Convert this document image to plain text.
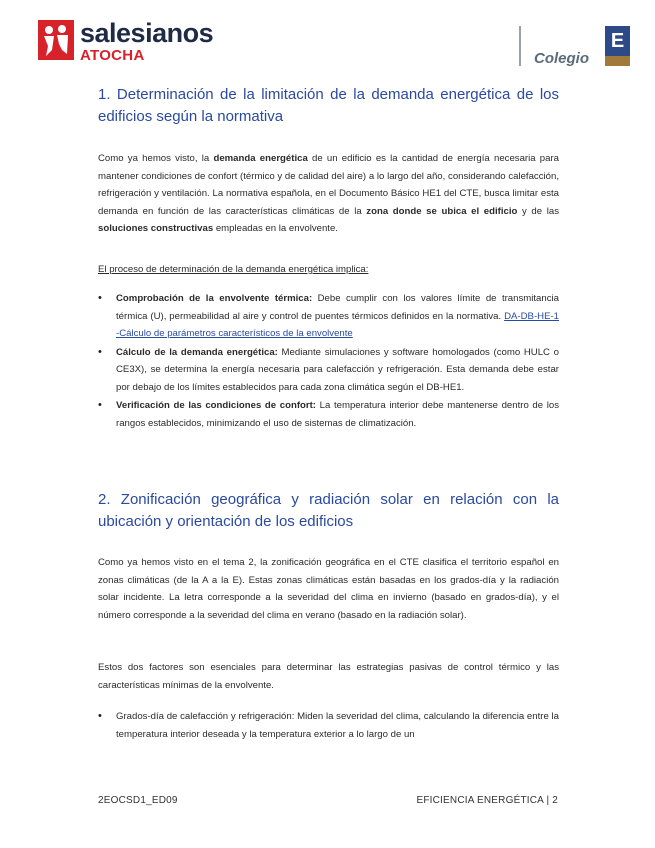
salesianos
ATOCHA	Colegio
E
1. Determinación de la limitación de la demanda energética de los edificios según la normativa

Como ya hemos visto, la demanda energética de un edificio es la cantidad de energía necesaria para mantener condiciones de confort (térmico y de calidad del aire) a lo largo del año, considerando calefacción, refrigeración y ventilación. La normativa española, en el Documento Básico HE1 del CTE, busca limitar esta demanda en función de las características climáticas de la zona donde se ubica el edificio y de las soluciones constructivas empleadas en la envolvente.

El proceso de determinación de la demanda energética implica:

• Comprobación de la envolvente térmica: Debe cumplir con los valores límite de transmitancia térmica (U), permeabilidad al aire y control de puentes térmicos definidos en la normativa. DA-DB-HE-1 -Cálculo de parámetros característicos de la envolvente
• Cálculo de la demanda energética: Mediante simulaciones y software homologados (como HULC o CE3X), se determina la energía necesaria para calefacción y refrigeración. Esta demanda debe estar por debajo de los límites establecidos para cada zona climática según el DB-HE1.
• Verificación de las condiciones de confort: La temperatura interior debe mantenerse dentro de los rangos establecidos, minimizando el uso de sistemas de climatización.
2. Zonificación geográfica y radiación solar en relación con la ubicación y orientación de los edificios

Como ya hemos visto en el tema 2, la zonificación geográfica en el CTE clasifica el territorio español en zonas climáticas (de la A a la E). Estas zonas climáticas están basadas en los grados-día y la radiación solar incidente. La letra corresponde a la severidad del clima en invierno (basado en grados-día), y el número corresponde a la severidad del clima en verano (basado en la radiación solar).

Estos dos factores son esenciales para determinar las estrategias pasivas de control térmico y las características mínimas de la envolvente.

• Grados-día de calefacción y refrigeración: Miden la severidad del clima, calculando la diferencia entre la temperatura interior deseada y la temperatura exterior a lo largo de un
2EOCSD1_ED09	EFICIENCIA ENERGÉTICA | 2
